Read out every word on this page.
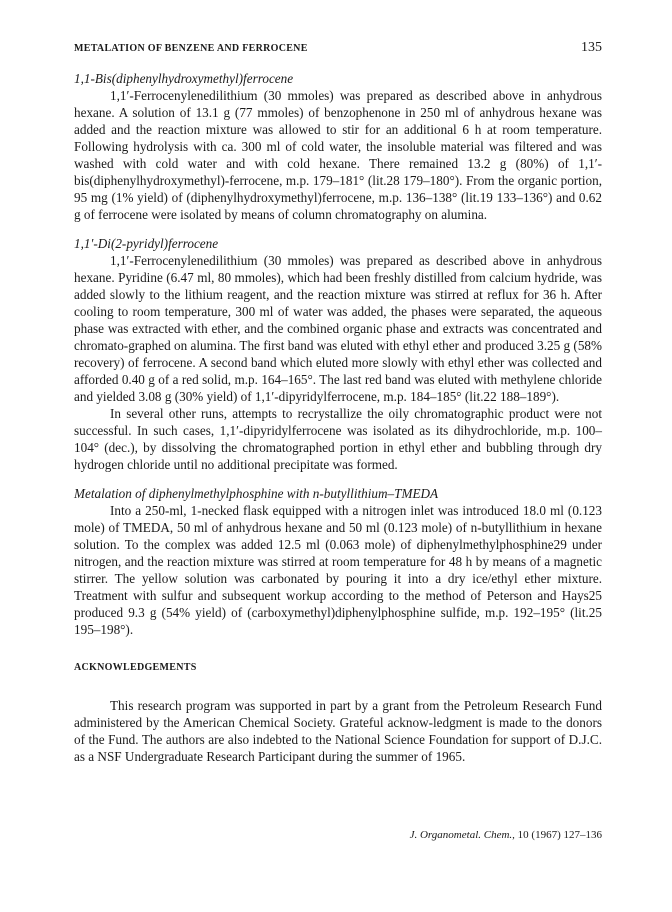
METALATION OF BENZENE AND FERROCENE	135

1,1-Bis(diphenylhydroxymethyl)ferrocene

1,1′-Ferrocenylenedilithium (30 mmoles) was prepared as described above in anhydrous hexane. A solution of 13.1 g (77 mmoles) of benzophenone in 250 ml of anhydrous hexane was added and the reaction mixture was allowed to stir for an additional 6 h at room temperature. Following hydrolysis with ca. 300 ml of cold water, the insoluble material was filtered and was washed with cold water and with cold hexane. There remained 13.2 g (80%) of 1,1′-bis(diphenylhydroxymethyl)-ferrocene, m.p. 179–181° (lit.28 179–180°). From the organic portion, 95 mg (1% yield) of (diphenylhydroxymethyl)ferrocene, m.p. 136–138° (lit.19 133–136°) and 0.62 g of ferrocene were isolated by means of column chromatography on alumina.

1,1′-Di(2-pyridyl)ferrocene

1,1′-Ferrocenylenedilithium (30 mmoles) was prepared as described above in anhydrous hexane. Pyridine (6.47 ml, 80 mmoles), which had been freshly distilled from calcium hydride, was added slowly to the lithium reagent, and the reaction mixture was stirred at reflux for 36 h. After cooling to room temperature, 300 ml of water was added, the phases were separated, the aqueous phase was extracted with ether, and the combined organic phase and extracts was concentrated and chromato-graphed on alumina. The first band was eluted with ethyl ether and produced 3.25 g (58% recovery) of ferrocene. A second band which eluted more slowly with ethyl ether was collected and afforded 0.40 g of a red solid, m.p. 164–165°. The last red band was eluted with methylene chloride and yielded 3.08 g (30% yield) of 1,1′-dipyridylferrocene, m.p. 184–185° (lit.22 188–189°).

In several other runs, attempts to recrystallize the oily chromatographic product were not successful. In such cases, 1,1′-dipyridylferrocene was isolated as its dihydrochloride, m.p. 100–104° (dec.), by dissolving the chromatographed portion in ethyl ether and bubbling through dry hydrogen chloride until no additional precipitate was formed.

Metalation of diphenylmethylphosphine with n-butyllithium–TMEDA

Into a 250-ml, 1-necked flask equipped with a nitrogen inlet was introduced 18.0 ml (0.123 mole) of TMEDA, 50 ml of anhydrous hexane and 50 ml (0.123 mole) of n-butyllithium in hexane solution. To the complex was added 12.5 ml (0.063 mole) of diphenylmethylphosphine29 under nitrogen, and the reaction mixture was stirred at room temperature for 48 h by means of a magnetic stirrer. The yellow solution was carbonated by pouring it into a dry ice/ethyl ether mixture. Treatment with sulfur and subsequent workup according to the method of Peterson and Hays25 produced 9.3 g (54% yield) of (carboxymethyl)diphenylphosphine sulfide, m.p. 192–195° (lit.25 195–198°).

ACKNOWLEDGEMENTS

This research program was supported in part by a grant from the Petroleum Research Fund administered by the American Chemical Society. Grateful acknow-ledgment is made to the donors of the Fund. The authors are also indebted to the National Science Foundation for support of D.J.C. as a NSF Undergraduate Research Participant during the summer of 1965.

J. Organometal. Chem., 10 (1967) 127–136
